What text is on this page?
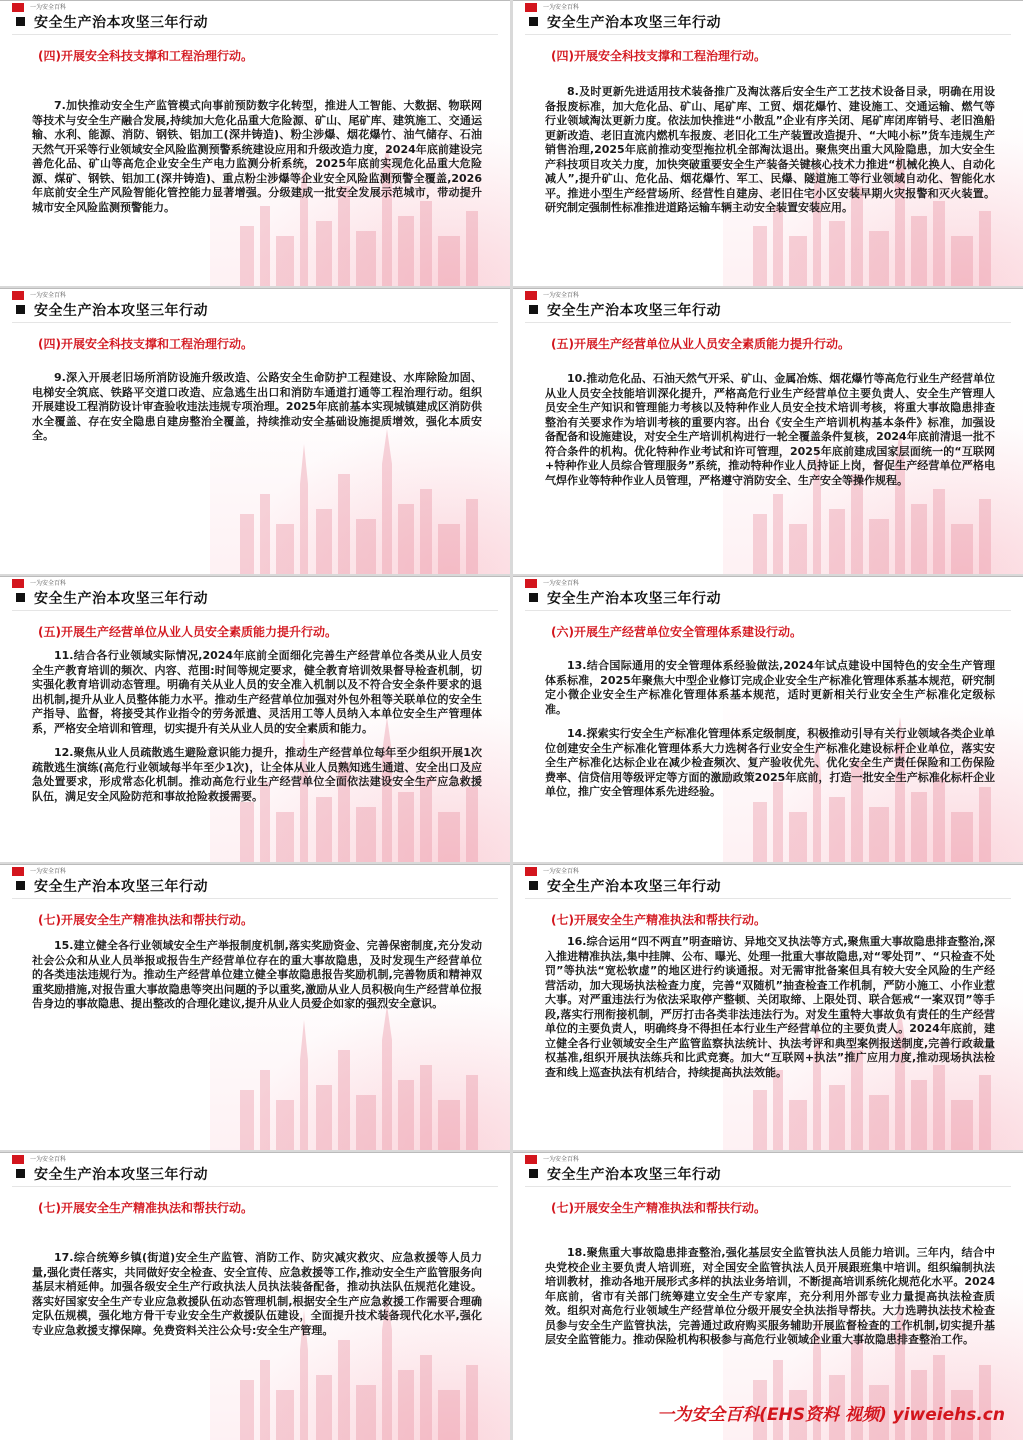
一为安全百科
安全生产治本攻坚三年行动
(四)开展安全科技支撑和工程治理行动。

7.加快推动安全生产监管模式向事前预防数字化转型，推进人工智能、大数据、物联网等技术与安全生产融合发展,持续加大危化品重大危险源、矿山、尾矿库、建筑施工、交通运输、水利、能源、消防、钢铁、铝加工(深井铸造)、粉尘涉爆、烟花爆竹、油气储存、石油天然气开采等行业领域安全风险监测预警系统建设应用和升级改造力度，2024年底前建设完善危化品、矿山等高危企业安全生产电力监测分析系统，2025年底前实现危化品重大危险源、煤矿、钢铁、铝加工(深井铸造)、重点粉尘涉爆等企业安全风险监测预警全覆盖,2026年底前安全生产风险智能化管控能力显著增强。分级建成一批安全发展示范城市，带动提升城市安全风险监测预警能力。

一为安全百科
安全生产治本攻坚三年行动
(四)开展安全科技支撑和工程治理行动。

8.及时更新先进适用技术装备推广及淘汰落后安全生产工艺技术设备目录，明确在用设备报废标准，加大危化品、矿山、尾矿库、工贸、烟花爆竹、建设施工、交通运输、燃气等行业领域淘汰更新力度。依法加快推进“小散乱”企业有序关闭、尾矿库闭库销号、老旧渔船更新改造、老旧直流内燃机车报废、老旧化工生产装置改造提升、“大吨小标”货车违规生产销售治理,2025年底前推动变型拖拉机全部淘汰退出。聚焦突出重大风险隐患，加大安全生产科技项目攻关力度，加快突破重要安全生产装备关键核心技术力推进“机械化换人、自动化减人”,提升矿山、危化品、烟花爆竹、军工、民爆、隧道施工等行业领域自动化、智能化水平。推进小型生产经营场所、经营性自建房、老旧住宅小区安装早期火灾报警和灭火装置。研究制定强制性标准推进道路运输车辆主动安全装置安装应用。

一为安全百科
安全生产治本攻坚三年行动
(四)开展安全科技支撑和工程治理行动。

9.深入开展老旧场所消防设施升级改造、公路安全生命防护工程建设、水库除险加固、电梯安全筑底、铁路平交道口改造、应急逃生出口和消防车通道打通等工程治理行动。组织开展建设工程消防设计审查验收违法违规专项治理。2025年底前基本实现城镇建成区消防供水全覆盖、存在安全隐患自建房整治全覆盖，持续推动安全基础设施提质增效，强化本质安全。

一为安全百科
安全生产治本攻坚三年行动
(五)开展生产经营单位从业人员安全素质能力提升行动。

10.推动危化品、石油天然气开采、矿山、金属冶炼、烟花爆竹等高危行业生产经营单位从业人员安全技能培训深化提升，严格高危行业生产经营单位主要负责人、安全生产管理人员安全生产知识和管理能力考核以及特种作业人员安全技术培训考核，将重大事故隐患排查整治有关要求作为培训考核的重要内容。出台《安全生产培训机构基本条件》标准，加强设备配备和设施建设，对安全生产培训机构进行一轮全覆盖条件复核，2024年底前清退一批不符合条件的机构。优化特种作业考试和许可管理，2025年底前建成国家层面统一的“互联网+特种作业人员综合管理服务”系统，推动特种作业人员持证上岗，督促生产经营单位严格电气焊作业等特种作业人员管理，严格遵守消防安全、生产安全等操作规程。

一为安全百科
安全生产治本攻坚三年行动
(五)开展生产经营单位从业人员安全素质能力提升行动。

11.结合各行业领域实际情况,2024年底前全面细化完善生产经营单位各类从业人员安全生产教育培训的频次、内容、范围:时间等规定要求，健全教育培训效果督导检查机制，切实强化教育培训动态管理。明确有关从业人员的安全准入机制以及不符合安全条件要求的退出机制,提升从业人员整体能力水平。推动生产经营单位加强对外包外租等关联单位的安全生产指导、监督，将接受其作业指令的劳务派遣、灵活用工等人员纳入本单位安全生产管理体系，严格安全培训和管理，切实提升有关从业人员的安全素质和能力。

12.聚焦从业人员疏散逃生避险意识能力提升，推动生产经营单位每年至少组织开展1次疏散逃生演练(高危行业领域每半年至少1次)，让全体从业人员熟知逃生通道、安全出口及应急处置要求，形成常态化机制。推动高危行业生产经营单位全面依法建设安全生产应急救援队伍，满足安全风险防范和事故抢险救援需要。

一为安全百科
安全生产治本攻坚三年行动
(六)开展生产经营单位安全管理体系建设行动。

13.结合国际通用的安全管理体系经验做法,2024年试点建设中国特色的安全生产管理体系标准，2025年聚焦大中型企业修订完成企业安全生产标准化管理体系基本规范，研究制定小微企业安全生产标准化管理体系基本规范，适时更新相关行业安全生产标准化定级标准。

14.探索实行安全生产标准化管理体系定级制度，积极推动引导有关行业领域各类企业单位创建安全生产标准化管理体系大力选树各行业安全生产标准化建设标杆企业单位，落实安全生产标准化达标企业在减少检查频次、复产验收优先、优化安全生产责任保险和工伤保险费率、信贷信用等级评定等方面的激励政策2025年底前，打造一批安全生产标准化标杆企业单位，推广安全管理体系先进经验。

一为安全百科
安全生产治本攻坚三年行动
(七)开展安全生产精准执法和帮扶行动。

15.建立健全各行业领域安全生产举报制度机制,落实奖励资金、完善保密制度,充分发动社会公众和从业人员举报或报告生产经营单位存在的重大事故隐患，及时发现生产经营单位的各类违法违规行为。推动生产经营单位建立健全事故隐患报告奖励机制,完善物质和精神双重奖励措施,对报告重大事故隐患等突出问题的予以重奖,激励从业人员积极向生产经营单位报告身边的事故隐患、提出整改的合理化建议,提升从业人员爱企如家的强烈安全意识。

一为安全百科
安全生产治本攻坚三年行动
(七)开展安全生产精准执法和帮扶行动。

16.综合运用“四不两直”明查暗访、异地交叉执法等方式,聚焦重大事故隐患排查整治,深入推进精准执法,集中挂牌、公布、曝光、处理一批重大事故隐患,对“零处罚”、“只检查不处罚”等执法“宽松软虚”的地区进行约谈通报。对无需审批备案但具有较大安全风险的生产经营活动，加大现场执法检查力度，完善“双随机”抽查检查工作机制，严防小施工、小作业惹大事。对严重违法行为依法采取停产整顿、关闭取缔、上限处罚、联合惩戒“一案双罚”等手段,落实行刑衔接机制，严厉打击各类非法违法行为。对发生重特大事故负有责任的生产经营单位的主要负责人，明确终身不得担任本行业生产经营单位的主要负责人。2024年底前，建立健全各行业领域安全生产监管监察执法统计、执法考评和典型案例报送制度,完善行政裁量权基准,组织开展执法练兵和比武竞赛。加大“互联网+执法”推广应用力度,推动现场执法检查和线上巡查执法有机结合，持续提高执法效能。

一为安全百科
安全生产治本攻坚三年行动
(七)开展安全生产精准执法和帮扶行动。

17.综合统筹乡镇(街道)安全生产监管、消防工作、防灾减灾救灾、应急救援等人员力量,强化责任落实，共同做好安全检查、安全宣传、应急救援等工作,推动安全生产监管服务向基层末梢延伸。加强各级安全生产行政执法人员执法装备配备，推动执法队伍规范化建设。落实好国家安全生产专业应急救援队伍动态管理机制,根据安全生产应急救援工作需要合理确定队伍规模，强化地方骨干专业安全生产救援队伍建设，全面提升技术装备现代化水平,强化专业应急救援支撑保障。免费资料关注公众号:安全生产管理。

一为安全百科
安全生产治本攻坚三年行动
(七)开展安全生产精准执法和帮扶行动。

18.聚焦重大事故隐患排查整治,强化基层安全监管执法人员能力培训。三年内，结合中央党校企业主要负责人培训班，对全国安全监管执法人员开展跟班集中培训。组织编制执法培训教材，推动各地开展形式多样的执法业务培训，不断提高培训系统化规范化水平。2024年底前，省市有关部门统筹建立安全生产专家库，充分利用外部专业力量提高执法检查质效。组织对高危行业领域生产经营单位分级开展安全执法指导帮扶。大力选聘执法技术检查员参与安全生产监管执法，完善通过政府购买服务辅助开展监督检查的工作机制,切实提升基层安全监管能力。推动保险机构积极参与高危行业领域企业重大事故隐患排查整治工作。

一为安全百科(EHS资料 视频) yiweiehs.cn
